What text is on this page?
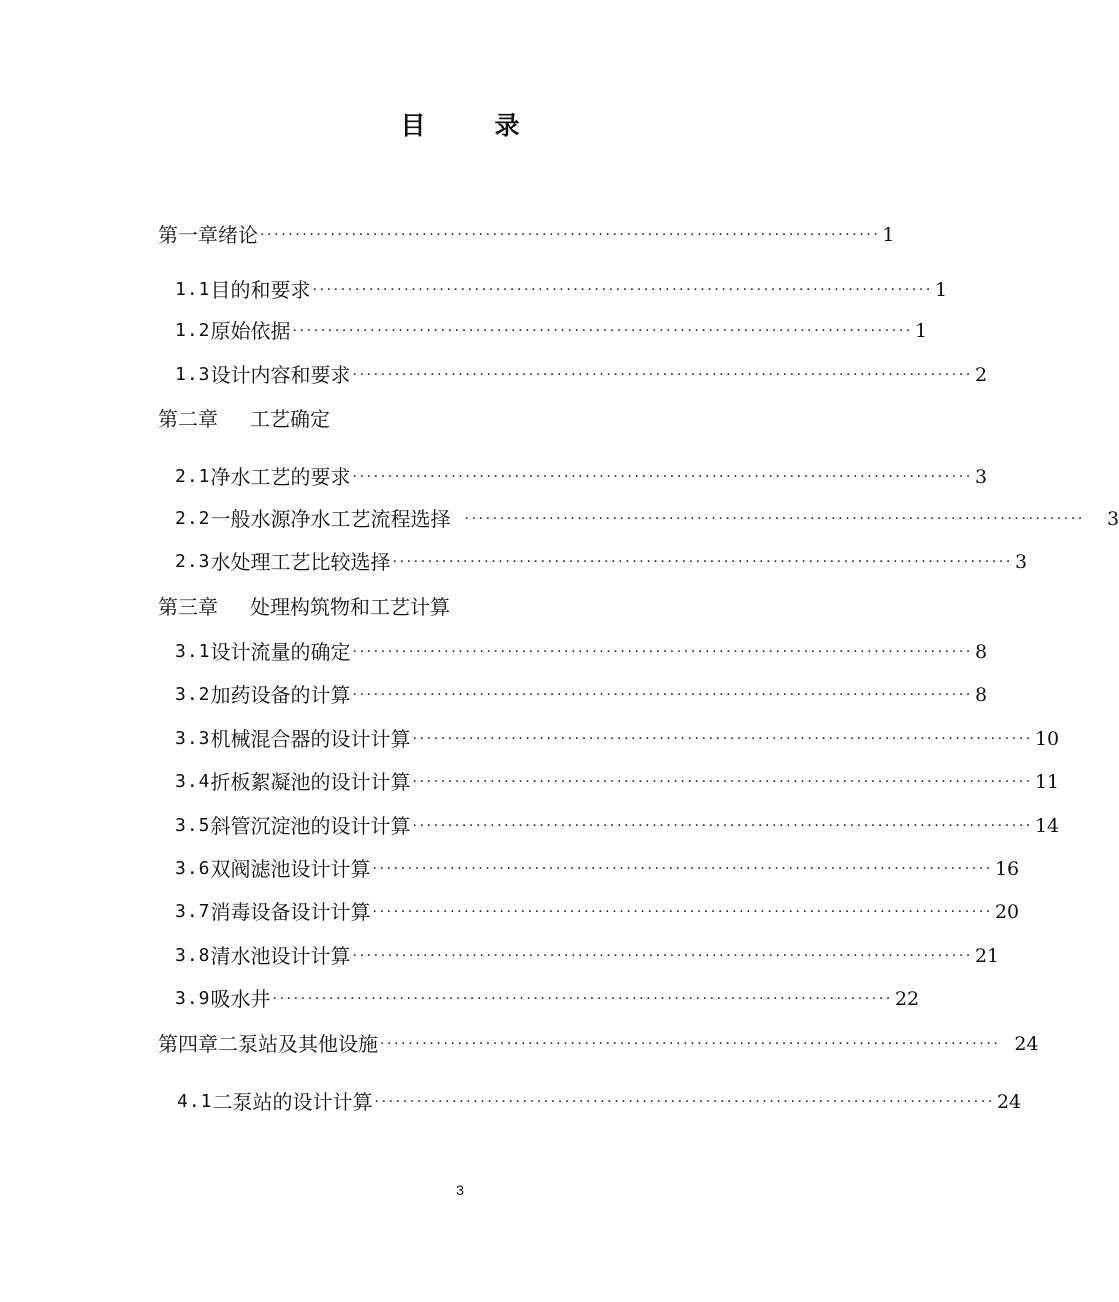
目　录
第一章 绪论 ························································································ 1
1.1 目的和要求 ························································································ 1
1.2 原始依据 ························································································ 1
1.3 设计内容和要求 ························································································ 2
第二章	工艺确定
2.1 净水工艺的要求 ························································································ 3
2.2 一般水源净水工艺流程选择 ························································································ 3
2.3 水处理工艺比较选择 ························································································ 3
第三章	处理构筑物和工艺计算
3.1 设计流量的确定 ························································································ 8
3.2 加药设备的计算 ························································································ 8
3.3 机械混合器的设计计算 ························································································ 10
3.4 折板絮凝池的设计计算 ························································································ 11
3.5 斜管沉淀池的设计计算 ························································································ 14
3.6 双阀滤池设计计算 ························································································ 16
3.7 消毒设备设计计算 ························································································ 20
3.8 清水池设计计算 ························································································ 21
3.9 吸水井 ························································································ 22
第四章 二泵站及其他设施 ························································································ 24
4.1 二泵站的设计计算 ························································································ 24
3
